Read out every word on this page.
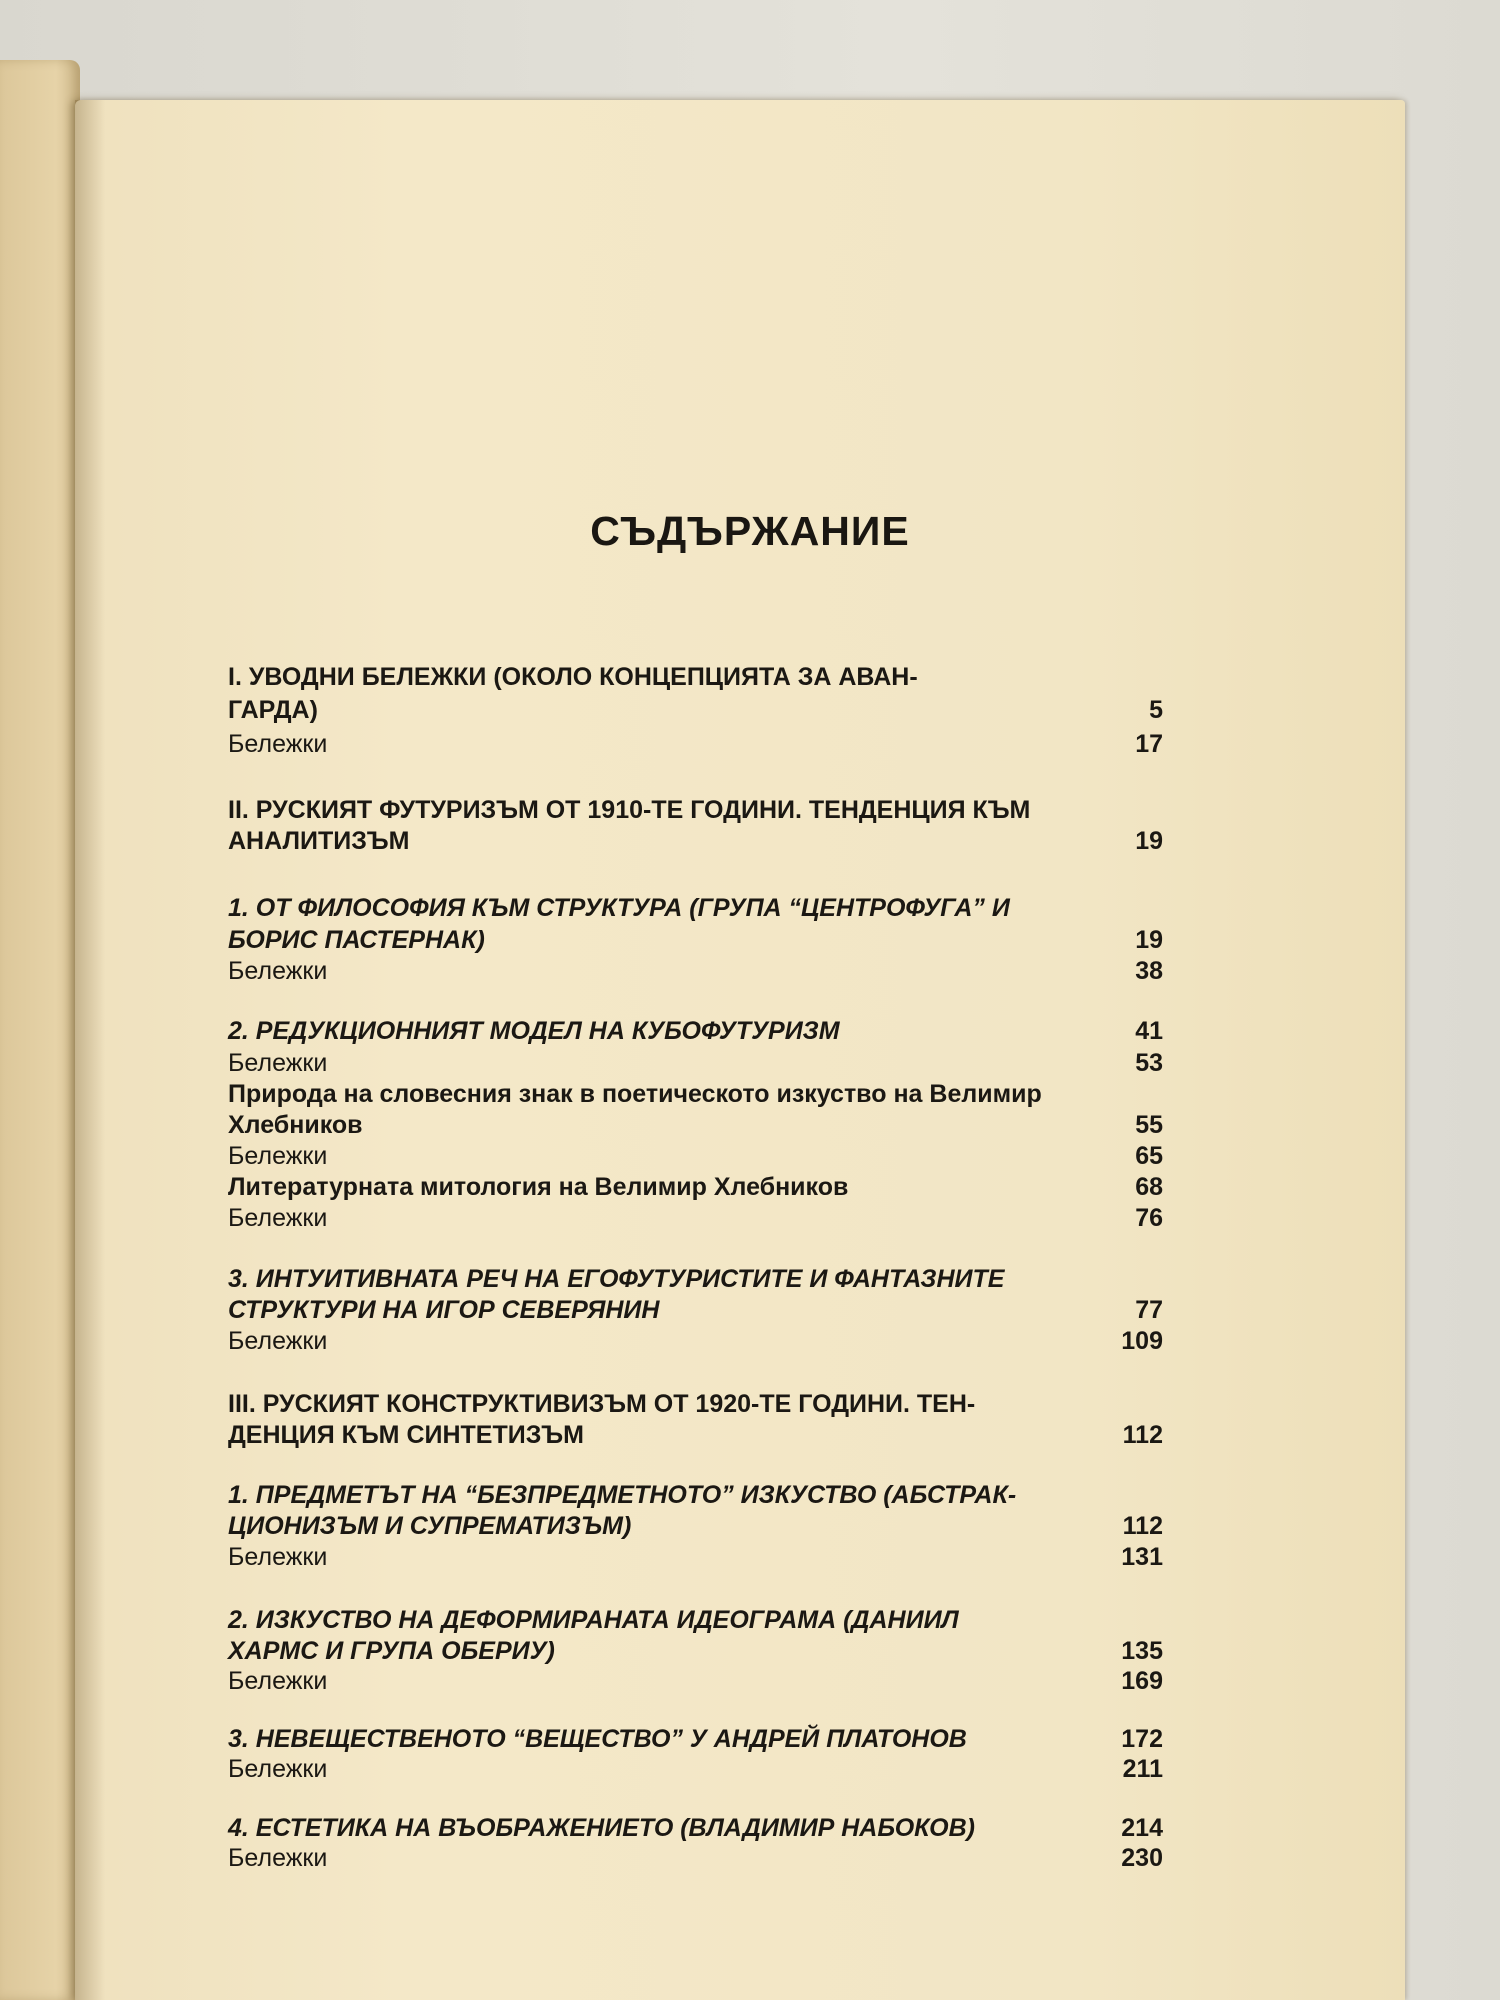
СЪДЪРЖАНИЕ
I. УВОДНИ БЕЛЕЖКИ (ОКОЛО КОНЦЕПЦИЯТА ЗА АВАН-
ГАРДА)	5
Бележки	17
II. РУСКИЯТ ФУТУРИЗЪМ ОТ 1910-ТЕ ГОДИНИ. ТЕНДЕНЦИЯ КЪМ
АНАЛИТИЗЪМ	19
1. ОТ ФИЛОСОФИЯ КЪМ СТРУКТУРА (ГРУПА “ЦЕНТРОФУГА” И
БОРИС ПАСТЕРНАК)	19
Бележки	38
2. РЕДУКЦИОННИЯТ МОДЕЛ НА КУБОФУТУРИЗМ	41
Бележки	53
Природа на словесния знак в поетическото изкуство на Велимир
Хлебников	55
Бележки	65
Литературната митология на Велимир Хлебников	68
Бележки	76
3. ИНТУИТИВНАТА РЕЧ НА ЕГОФУТУРИСТИТЕ И ФАНТАЗНИТЕ
СТРУКТУРИ НА ИГОР СЕВЕРЯНИН	77
Бележки	109
III. РУСКИЯТ КОНСТРУКТИВИЗЪМ ОТ 1920-ТЕ ГОДИНИ. ТЕН-
ДЕНЦИЯ КЪМ СИНТЕТИЗЪМ	112
1. ПРЕДМЕТЪТ НА “БЕЗПРЕДМЕТНОТО” ИЗКУСТВО (АБСТРАК-
ЦИОНИЗЪМ И СУПРЕМАТИЗЪМ)	112
Бележки	131
2. ИЗКУСТВО НА ДЕФОРМИРАНАТА ИДЕОГРАМА (ДАНИИЛ
ХАРМС И ГРУПА ОБЕРИУ)	135
Бележки	169
3. НЕВЕЩЕСТВЕНОТО “ВЕЩЕСТВО” У АНДРЕЙ ПЛАТОНОВ	172
Бележки	211
4. ЕСТЕТИКА НА ВЪОБРАЖЕНИЕТО (ВЛАДИМИР НАБОКОВ)	214
Бележки	230
